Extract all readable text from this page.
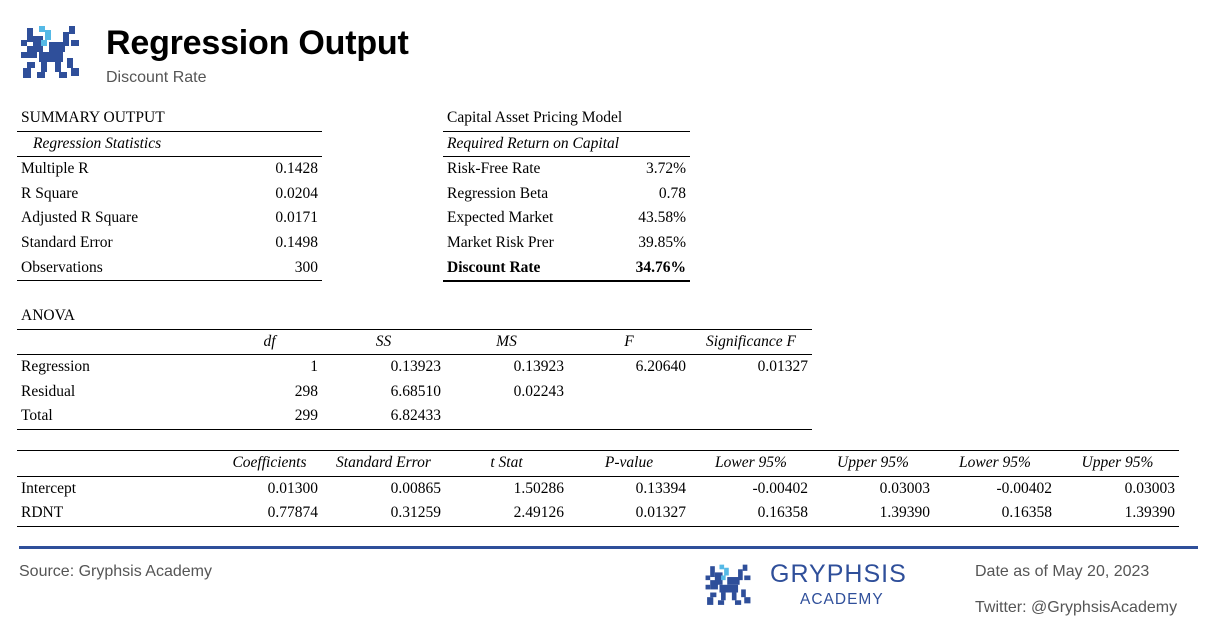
Regression Output
Discount Rate
SUMMARY OUTPUT	
Regression Statistics	
Multiple R	0.1428
R Square	0.0204
Adjusted R Square	0.0171
Standard Error	0.1498
Observations	300
Capital Asset Pricing Model	
Required Return on Capital	
Risk-Free Rate	3.72%
Regression Beta	0.78
Expected Market	43.58%
Market Risk Prer	39.85%
Discount Rate	34.76%
ANOVA					
	df	SS	MS	F	Significance F
Regression	1	0.13923	0.13923	6.20640	0.01327
Residual	298	6.68510	0.02243		
Total	299	6.82433			
	Coefficients	Standard Error	t Stat	P-value	Lower 95%	Upper 95%	Lower 95%	Upper 95%
Intercept	0.01300	0.00865	1.50286	0.13394	-0.00402	0.03003	-0.00402	0.03003
RDNT	0.77874	0.31259	2.49126	0.01327	0.16358	1.39390	0.16358	1.39390
Source: Gryphsis Academy	GRYPHSIS
ACADEMY
Date as of May 20, 2023
Twitter: @GryphsisAcademy
